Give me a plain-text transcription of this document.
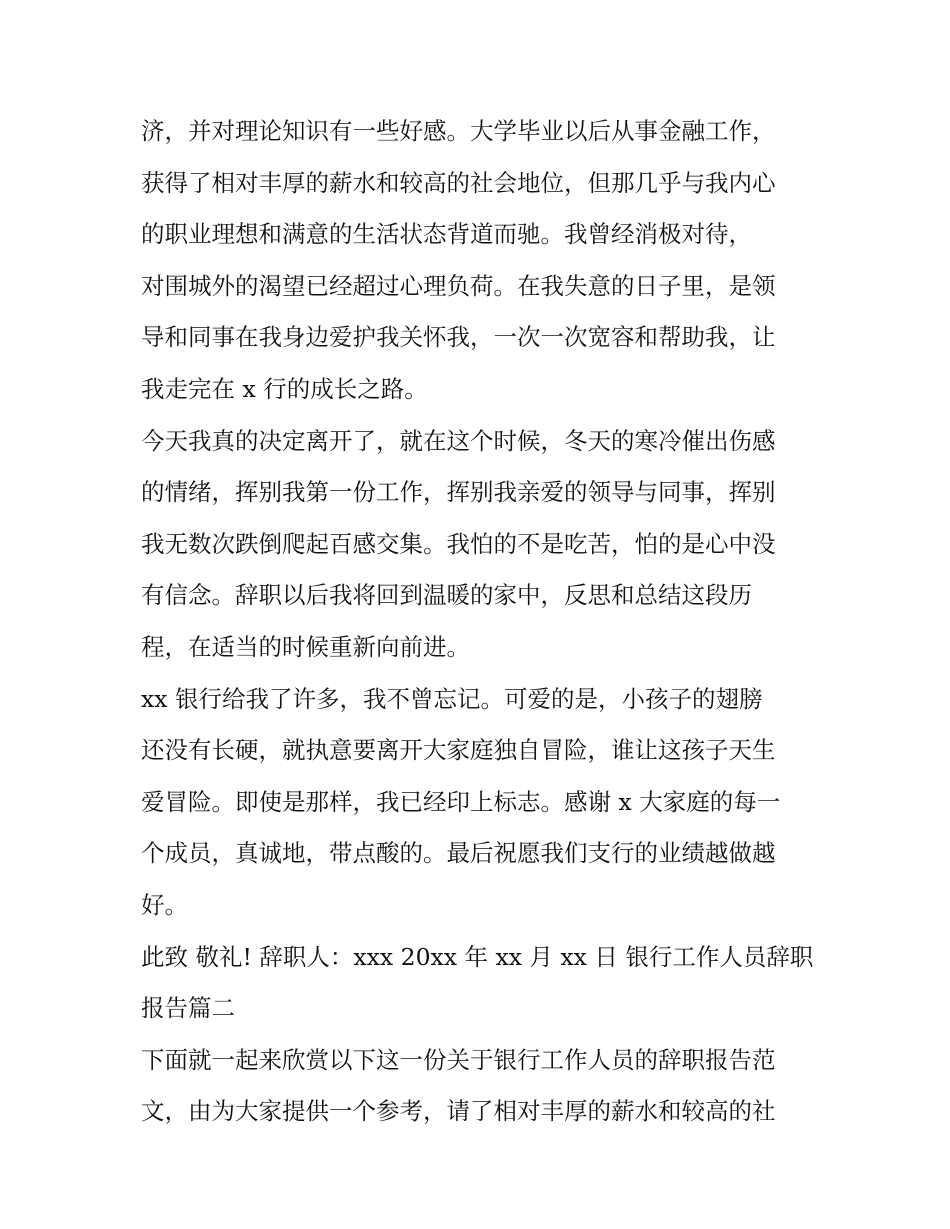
济，并对理论知识有一些好感。大学毕业以后从事金融工作，
获得了相对丰厚的薪水和较高的社会地位，但那几乎与我内心
的职业理想和满意的生活状态背道而驰。我曾经消极对待，
对围城外的渴望已经超过心理负荷。在我失意的日子里，是领
导和同事在我身边爱护我关怀我，一次一次宽容和帮助我，让
我走完在 x 行的成长之路。
今天我真的决定离开了，就在这个时候，冬天的寒冷催出伤感
的情绪，挥别我第一份工作，挥别我亲爱的领导与同事，挥别
我无数次跌倒爬起百感交集。我怕的不是吃苦，怕的是心中没
有信念。辞职以后我将回到温暖的家中，反思和总结这段历
程，在适当的时候重新向前进。
xx 银行给我了许多，我不曾忘记。可爱的是，小孩子的翅膀
还没有长硬，就执意要离开大家庭独自冒险，谁让这孩子天生
爱冒险。即使是那样，我已经印上标志。感谢 x 大家庭的每一
个成员，真诚地，带点酸的。最后祝愿我们支行的业绩越做越
好。
此致 敬礼! 辞职人：xxx 20xx 年 xx 月 xx 日 银行工作人员辞职
报告篇二
下面就一起来欣赏以下这一份关于银行工作人员的辞职报告范
文，由为大家提供一个参考，请了相对丰厚的薪水和较高的社
